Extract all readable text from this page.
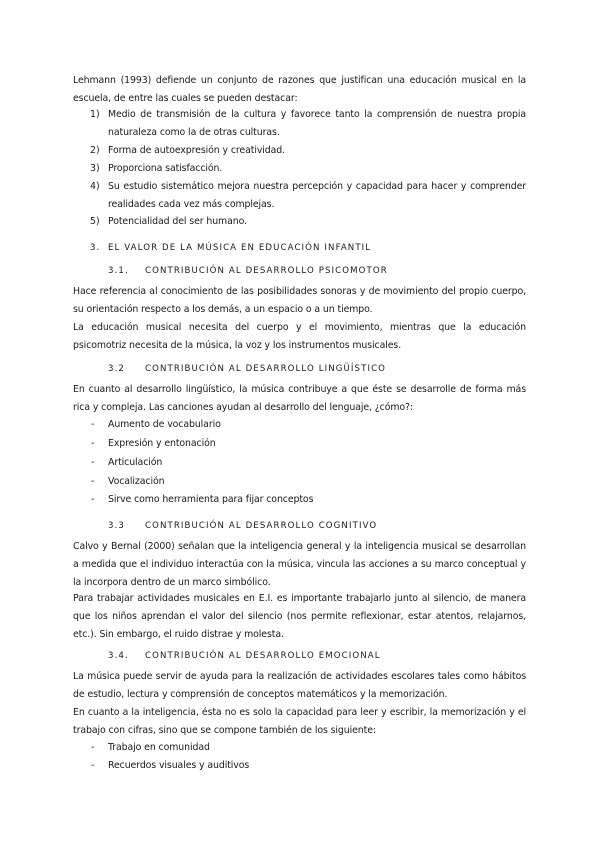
Lehmann (1993) defiende un conjunto de razones que justifican una educación musical en la escuela, de entre las cuales se pueden destacar:

1) Medio de transmisión de la cultura y favorece tanto la comprensión de nuestra propia naturaleza como la de otras culturas.
2) Forma de autoexpresión y creatividad.
3) Proporciona satisfacción.
4) Su estudio sistemático mejora nuestra percepción y capacidad para hacer y comprender realidades cada vez más complejas.
5) Potencialidad del ser humano.
3. EL VALOR DE LA MÚSICA EN EDUCACIÓN INFANTIL
3.1. CONTRIBUCIÓN AL DESARROLLO PSICOMOTOR

Hace referencia al conocimiento de las posibilidades sonoras y de movimiento del propio cuerpo, su orientación respecto a los demás, a un espacio o a un tiempo.

La educación musical necesita del cuerpo y el movimiento, mientras que la educación psicomotriz necesita de la música, la voz y los instrumentos musicales.

3.2 CONTRIBUCIÓN AL DESARROLLO LINGÜÍSTICO

En cuanto al desarrollo lingüístico, la música contribuye a que éste se desarrolle de forma más rica y compleja. Las canciones ayudan al desarrollo del lenguaje, ¿cómo?:

- Aumento de vocabulario
- Expresión y entonación
- Articulación
- Vocalización
- Sirve como herramienta para fijar conceptos
3.3 CONTRIBUCIÓN AL DESARROLLO COGNITIVO

Calvo y Bernal (2000) señalan que la inteligencia general y la inteligencia musical se desarrollan a medida que el individuo interactúa con la música, vincula las acciones a su marco conceptual y la incorpora dentro de un marco simbólico.

Para trabajar actividades musicales en E.I. es importante trabajarlo junto al silencio, de manera que los niños aprendan el valor del silencio (nos permite reflexionar, estar atentos, relajarnos, etc.). Sin embargo, el ruido distrae y molesta.

3.4. CONTRIBUCIÓN AL DESARROLLO EMOCIONAL

La música puede servir de ayuda para la realización de actividades escolares tales como hábitos de estudio, lectura y comprensión de conceptos matemáticos y la memorización.

En cuanto a la inteligencia, ésta no es solo la capacidad para leer y escribir, la memorización y el trabajo con cifras, sino que se compone también de los siguiente:

- Trabajo en comunidad
- Recuerdos visuales y auditivos
